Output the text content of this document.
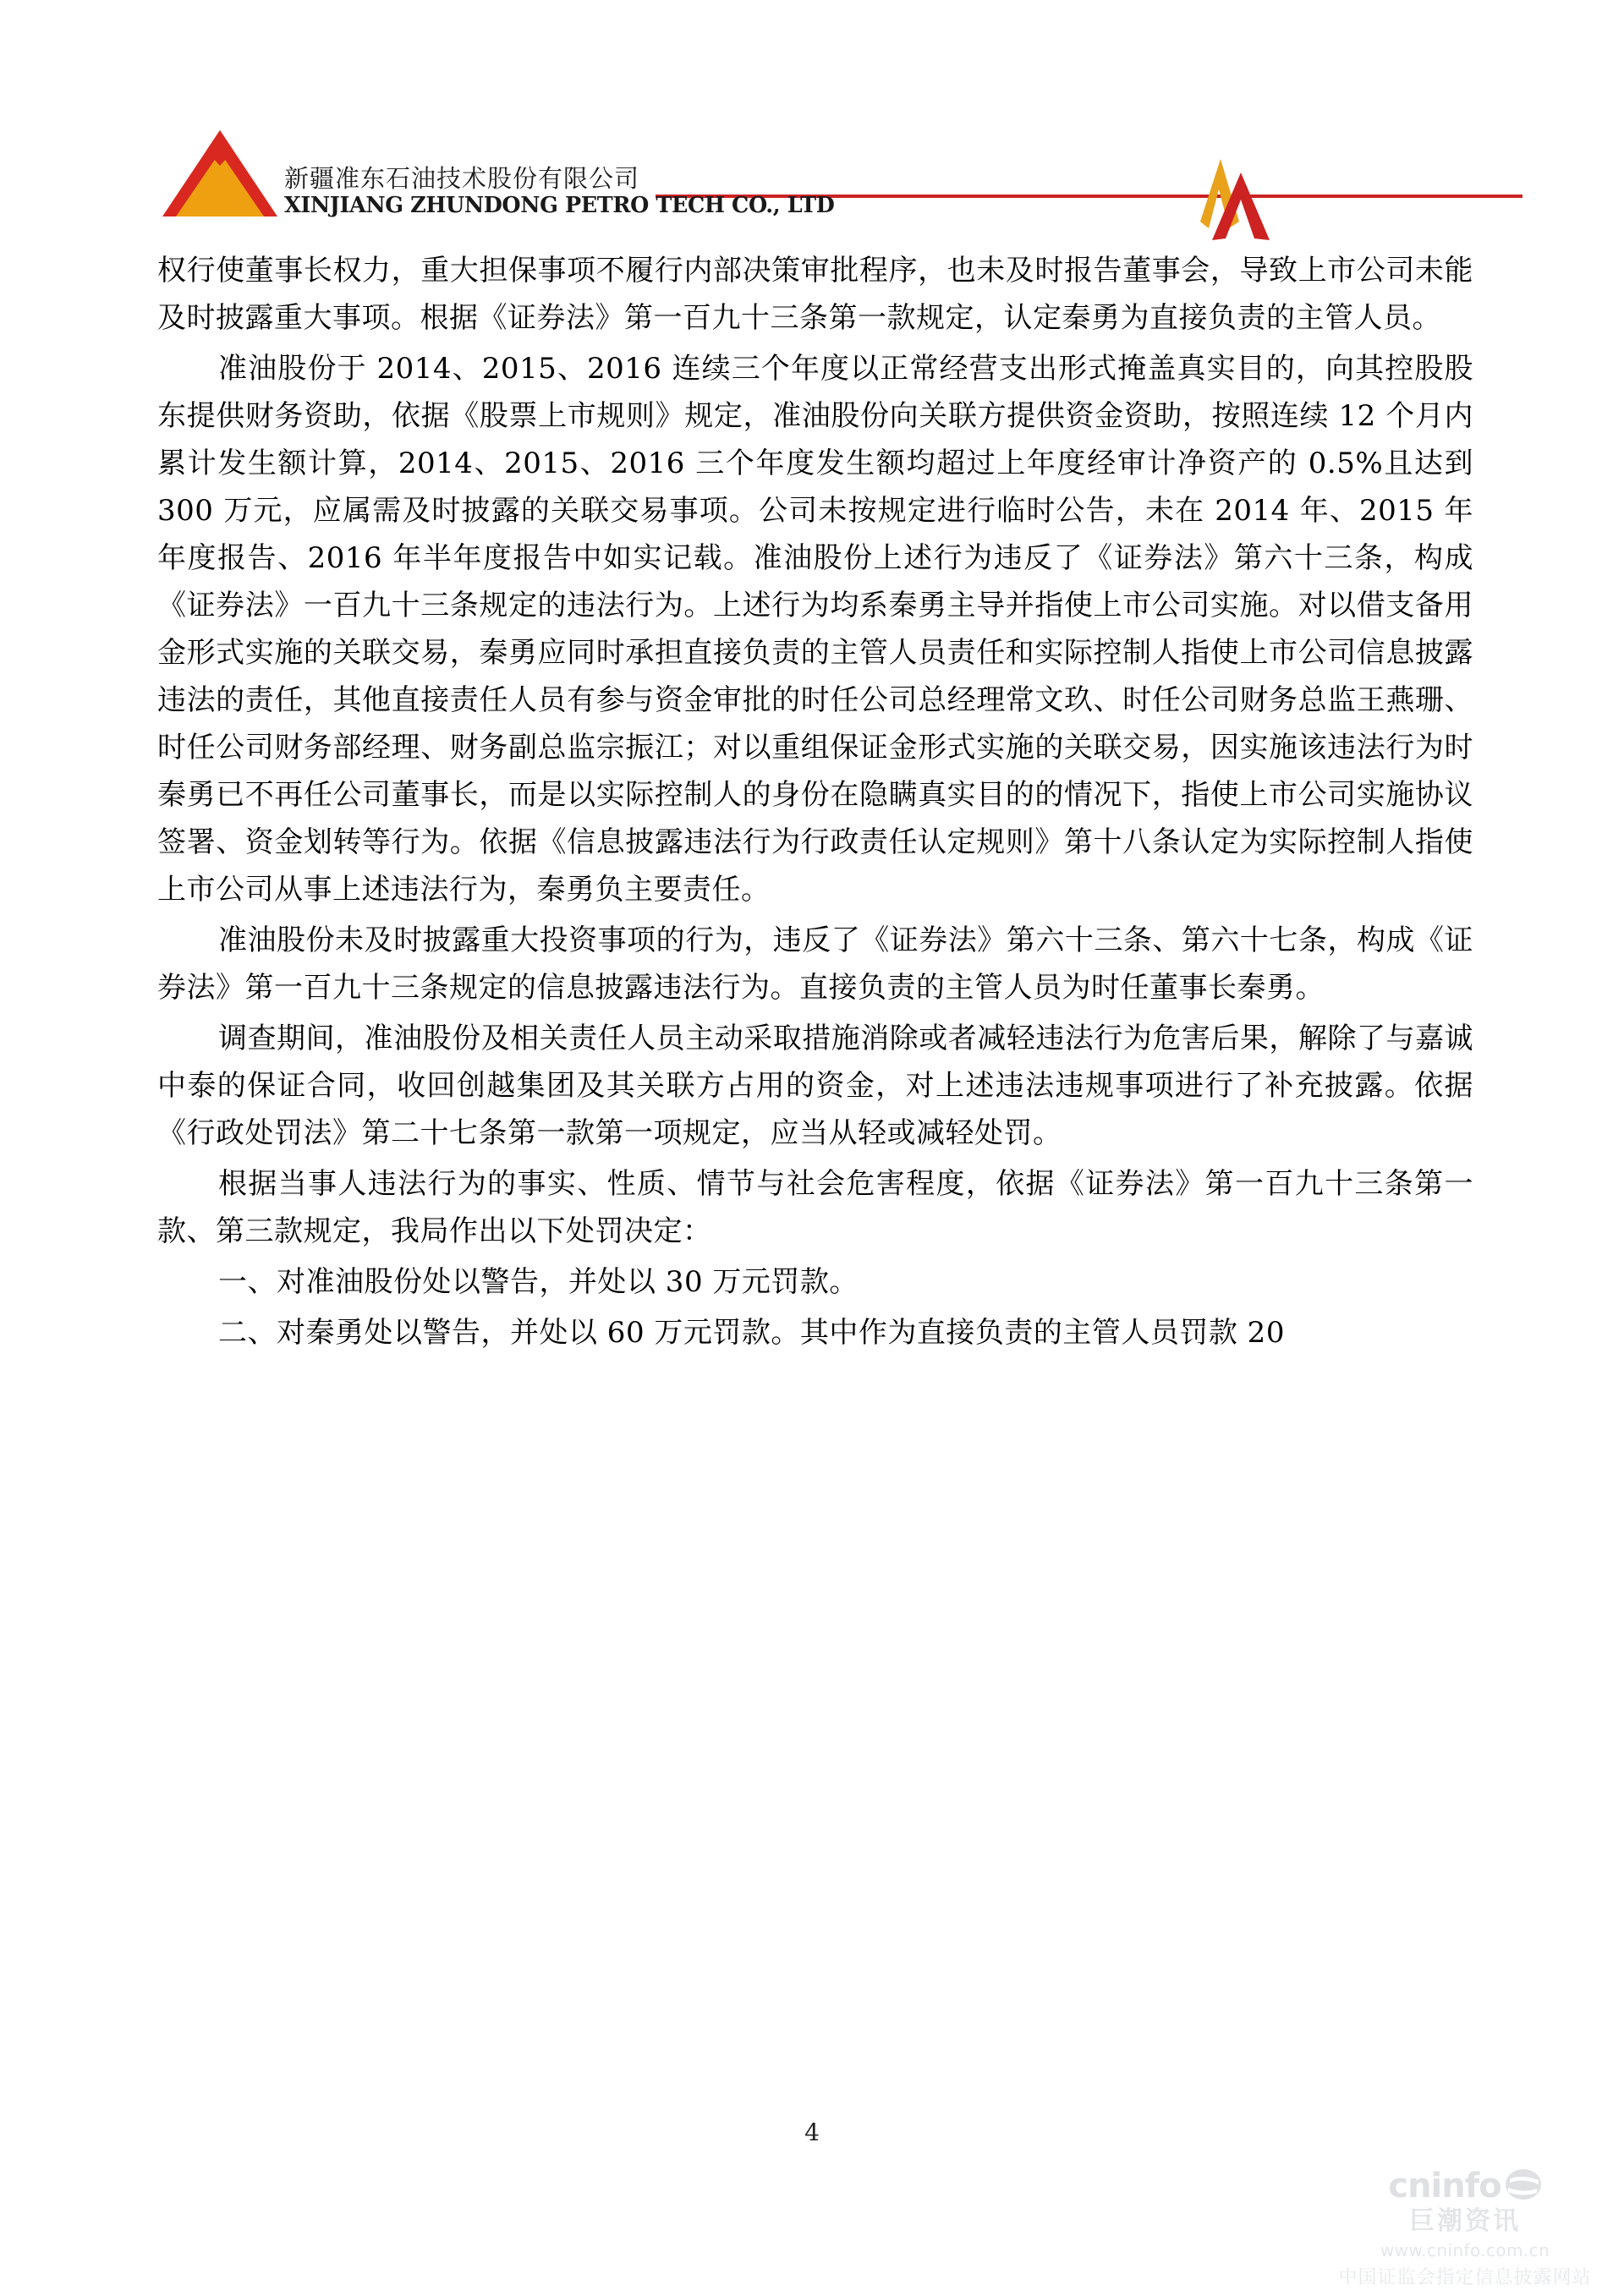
新疆准东石油技术股份有限公司
XINJIANG ZHUNDONG PETRO TECH CO., LTD

权行使董事长权力，重大担保事项不履行内部决策审批程序，也未及时报告董事会，导致上市公司未能及时披露重大事项。根据《证券法》第一百九十三条第一款规定，认定秦勇为直接负责的主管人员。

准油股份于 2014、2015、2016 连续三个年度以正常经营支出形式掩盖真实目的，向其控股股东提供财务资助，依据《股票上市规则》规定，准油股份向关联方提供资金资助，按照连续 12 个月内累计发生额计算，2014、2015、2016 三个年度发生额均超过上年度经审计净资产的 0.5%且达到 300 万元，应属需及时披露的关联交易事项。公司未按规定进行临时公告，未在 2014 年、2015 年年度报告、2016 年半年度报告中如实记载。准油股份上述行为违反了《证券法》第六十三条，构成《证券法》一百九十三条规定的违法行为。上述行为均系秦勇主导并指使上市公司实施。对以借支备用金形式实施的关联交易，秦勇应同时承担直接负责的主管人员责任和实际控制人指使上市公司信息披露违法的责任，其他直接责任人员有参与资金审批的时任公司总经理常文玖、时任公司财务总监王燕珊、时任公司财务部经理、财务副总监宗振江；对以重组保证金形式实施的关联交易，因实施该违法行为时秦勇已不再任公司董事长，而是以实际控制人的身份在隐瞒真实目的的情况下，指使上市公司实施协议签署、资金划转等行为。依据《信息披露违法行为行政责任认定规则》第十八条认定为实际控制人指使上市公司从事上述违法行为，秦勇负主要责任。

准油股份未及时披露重大投资事项的行为，违反了《证券法》第六十三条、第六十七条，构成《证券法》第一百九十三条规定的信息披露违法行为。直接负责的主管人员为时任董事长秦勇。

调查期间，准油股份及相关责任人员主动采取措施消除或者减轻违法行为危害后果，解除了与嘉诚中泰的保证合同，收回创越集团及其关联方占用的资金，对上述违法违规事项进行了补充披露。依据《行政处罚法》第二十七条第一款第一项规定，应当从轻或减轻处罚。

根据当事人违法行为的事实、性质、情节与社会危害程度，依据《证券法》第一百九十三条第一款、第三款规定，我局作出以下处罚决定：

一、对准油股份处以警告，并处以 30 万元罚款。

二、对秦勇处以警告，并处以 60 万元罚款。其中作为直接负责的主管人员罚款 20

4
cninfo
巨潮资讯
www.cninfo.com.cn
中国证监会指定信息披露网站
